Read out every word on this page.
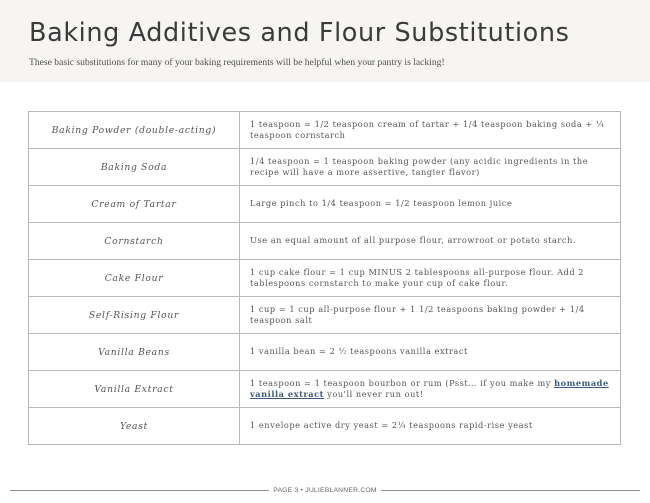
Baking Additives and Flour Substitutions

These basic substitutions for many of your baking requirements will be helpful when your pantry is lacking!

Baking Powder (double-acting)	1 teaspoon = 1/2 teaspoon cream of tartar + 1/4 teaspoon baking soda + ¼ teaspoon cornstarch
Baking Soda	1/4 teaspoon = 1 teaspoon baking powder (any acidic ingredients in the recipe will have a more assertive, tangier flavor)
Cream of Tartar	Large pinch to 1/4 teaspoon = 1/2 teaspoon lemon juice
Cornstarch	Use an equal amount of all purpose flour, arrowroot or potato starch.
Cake Flour	1 cup cake flour = 1 cup MINUS 2 tablespoons all-purpose flour. Add 2 tablespoons cornstarch to make your cup of cake flour.
Self-Rising Flour	1 cup = 1 cup all-purpose flour + 1 1/2 teaspoons baking powder + 1/4 teaspoon salt
Vanilla Beans	1 vanilla bean = 2 ½ teaspoons vanilla extract
Vanilla Extract	1 teaspoon = 1 teaspoon bourbon or rum (Psst… if you make my homemade vanilla extract you'll never run out!
Yeast	1 envelope active dry yeast = 2¼ teaspoons rapid-rise yeast
PAGE 3 • JULIEBLANNER.COM
